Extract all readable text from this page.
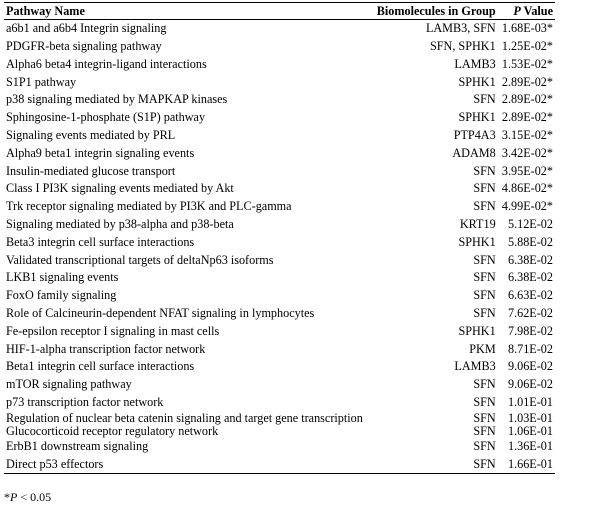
Pathway Name	Biomolecules in Group	P Value
a6b1 and a6b4 Integrin signaling	LAMB3, SFN	1.68E-03*
PDGFR-beta signaling pathway	SFN, SPHK1	1.25E-02*
Alpha6 beta4 integrin-ligand interactions	LAMB3	1.53E-02*
S1P1 pathway	SPHK1	2.89E-02*
p38 signaling mediated by MAPKAP kinases	SFN	2.89E-02*
Sphingosine-1-phosphate (S1P) pathway	SPHK1	2.89E-02*
Signaling events mediated by PRL	PTP4A3	3.15E-02*
Alpha9 beta1 integrin signaling events	ADAM8	3.42E-02*
Insulin-mediated glucose transport	SFN	3.95E-02*
Class I PI3K signaling events mediated by Akt	SFN	4.86E-02*
Trk receptor signaling mediated by PI3K and PLC-gamma	SFN	4.99E-02*
Signaling mediated by p38-alpha and p38-beta	KRT19	5.12E-02
Beta3 integrin cell surface interactions	SPHK1	5.88E-02
Validated transcriptional targets of deltaNp63 isoforms	SFN	6.38E-02
LKB1 signaling events	SFN	6.38E-02
FoxO family signaling	SFN	6.63E-02
Role of Calcineurin-dependent NFAT signaling in lymphocytes	SFN	7.62E-02
Fe-epsilon receptor I signaling in mast cells	SPHK1	7.98E-02
HIF-1-alpha transcription factor network	PKM	8.71E-02
Beta1 integrin cell surface interactions	LAMB3	9.06E-02
mTOR signaling pathway	SFN	9.06E-02
p73 transcription factor network	SFN	1.01E-01
Regulation of nuclear beta catenin signaling and target gene transcription	SFN	1.03E-01
Glucocorticoid receptor regulatory network	SFN	1.06E-01
ErbB1 downstream signaling	SFN	1.36E-01
Direct p53 effectors	SFN	1.66E-01
*P < 0.05
